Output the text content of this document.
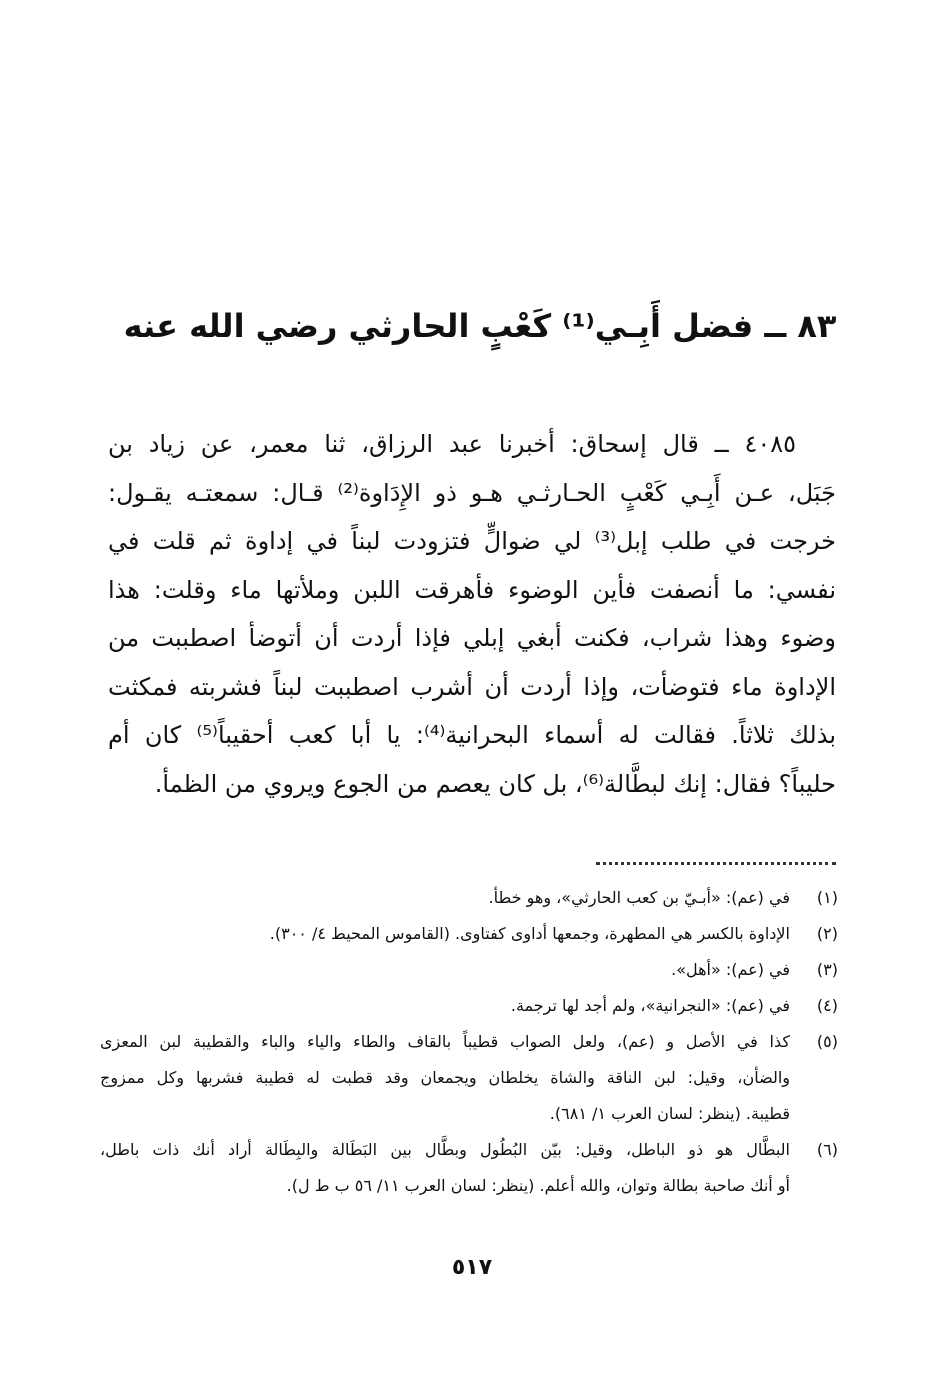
٨٣ ــ فضل أَبِـي⁽¹⁾ كَعْبٍ الحارثي رضي الله عنه
٤٠٨٥ ــ قال إسحاق: أخبرنا عبد الرزاق، ثنا معمر، عن زياد بن
جَبَل، عـن أَبِـي كَعْبٍ الحـارثـي هـو ذو الإِدَاوة⁽²⁾ قـال: سمعتـه يقـول:
خرجت في طلب إبل⁽³⁾ لي ضوالٍّ فتزودت لبناً في إداوة ثم قلت في
نفسي: ما أنصفت فأين الوضوء فأهرقت اللبن وملأتها ماء وقلت: هذا
وضوء وهذا شراب، فكنت أبغي إبلي فإذا أردت أن أتوضأ اصطببت من
الإداوة ماء فتوضأت، وإذا أردت أن أشرب اصطببت لبناً فشربته فمكثت
بذلك ثلاثاً. فقالت له أسماء البحرانية⁽⁴⁾: يا أبا كعب أحقيباً⁽⁵⁾ كان أم
حليباً؟ فقال: إنك لبطَّالة⁽⁶⁾، بل كان يعصم من الجوع ويروي من الظمأ.
(١)
في (عم): «أبـيّ بن كعب الحارثي»، وهو خطأ.
(٢)
الإداوة بالكسر هي المطهرة، وجمعها أداوى كفتاوى. (القاموس المحيط ٤/ ٣٠٠).
(٣)
في (عم): «أهل».
(٤)
في (عم): «النجرانية»، ولم أجد لها ترجمة.
(٥)
كذا في الأصل و (عم)، ولعل الصواب قطيباً بالقاف والطاء والياء والباء والقطيبة لبن المعزى
والضأن، وقيل: لبن الناقة والشاة يخلطان ويجمعان وقد قطبت له قطيبة فشربها وكل ممزوج
قطيبة. (ينظر: لسان العرب ١/ ٦٨١).
(٦)
البطَّال هو ذو الباطل، وقيل: بيّن البُطُول وبطَّال بين البَطَالة والبِطَالة أراد أنك ذات باطل،
أو أنك صاحبة بطالة وتوان، والله أعلم. (ينظر: لسان العرب ١١/ ٥٦ ب ط ل).
٥١٧
